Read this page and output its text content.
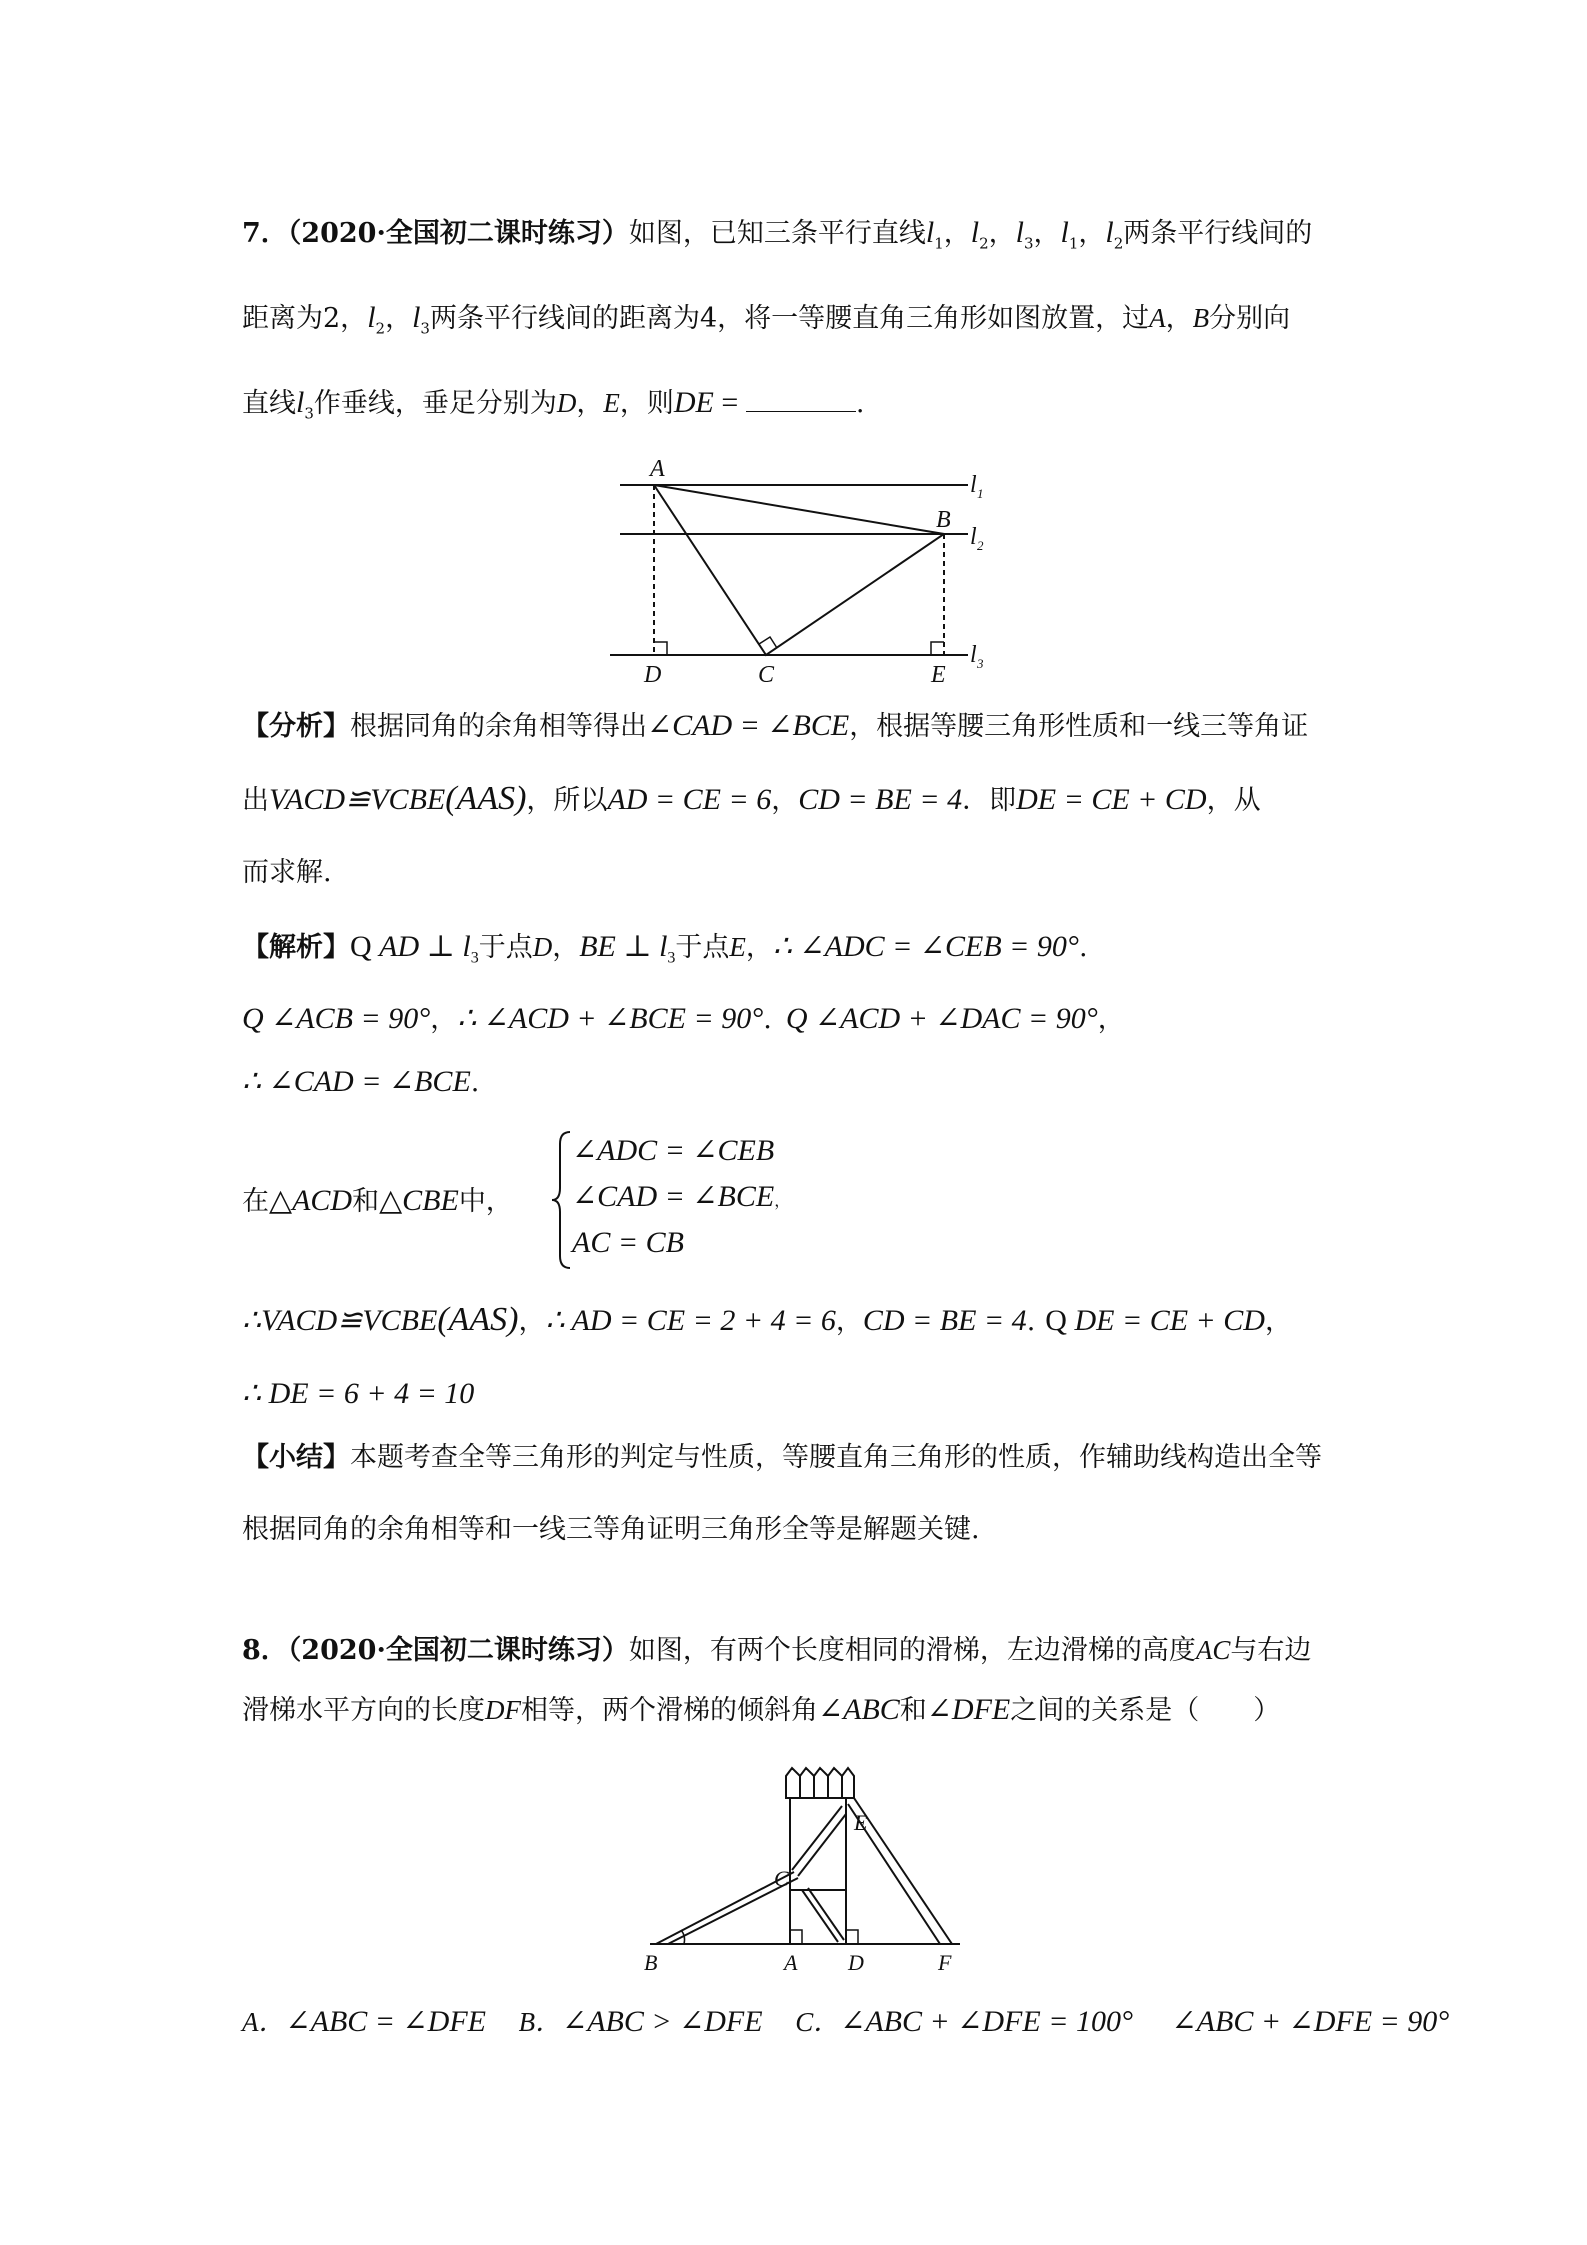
7．（2020·全国初二课时练习）如图，已知三条平行直线$l_1$，$l_2$，$l_3$，$l_1$，$l_2$两条平行线间的
距离为2，$l_2$，$l_3$两条平行线间的距离为4，将一等腰直角三角形如图放置，过A，B分别向
直线$l_3$作垂线，垂足分别为D，E，则DE =	.
A
B
C
D	E
l 1
l 2
l 3
【分析】根据同角的余角相等得出∠CAD = ∠BCE，根据等腰三角形性质和一线三等角证
出VACD≌VCBE(AAS)，所以AD = CE = 6，CD = BE = 4．即DE = CE + CD，从
而求解.
【解析】Q AD ⊥ $l_3$于点D，BE ⊥ $l_3$于点E，∴ ∠ADC = ∠CEB = 90°.
Q ∠ACB = 90°，∴ ∠ACD + ∠BCE = 90°. Q ∠ACD + ∠DAC = 90°，
∴ ∠CAD = ∠BCE.
在△ACD和△CBE中，
∠ADC = ∠CEB
∠CAD = ∠BCE，
AC = CB
∴VACD≌VCBE(AAS)，∴ AD = CE = 2 + 4 = 6，CD = BE = 4. Q DE = CE + CD，
∴ DE = 6 + 4 = 10
【小结】本题考查全等三角形的判定与性质，等腰直角三角形的性质，作辅助线构造出全等
根据同角的余角相等和一线三等角证明三角形全等是解题关键.
8．（2020·全国初二课时练习）如图，有两个长度相同的滑梯，左边滑梯的高度AC与右边
滑梯水平方向的长度DF相等，两个滑梯的倾斜角∠ABC和∠DFE之间的关系是（　　）
B	A D	F
C
E
A．∠ABC = ∠DFE B．∠ABC > ∠DFE C．∠ABC + ∠DFE = 100° ∠ABC + ∠DFE = 90°
